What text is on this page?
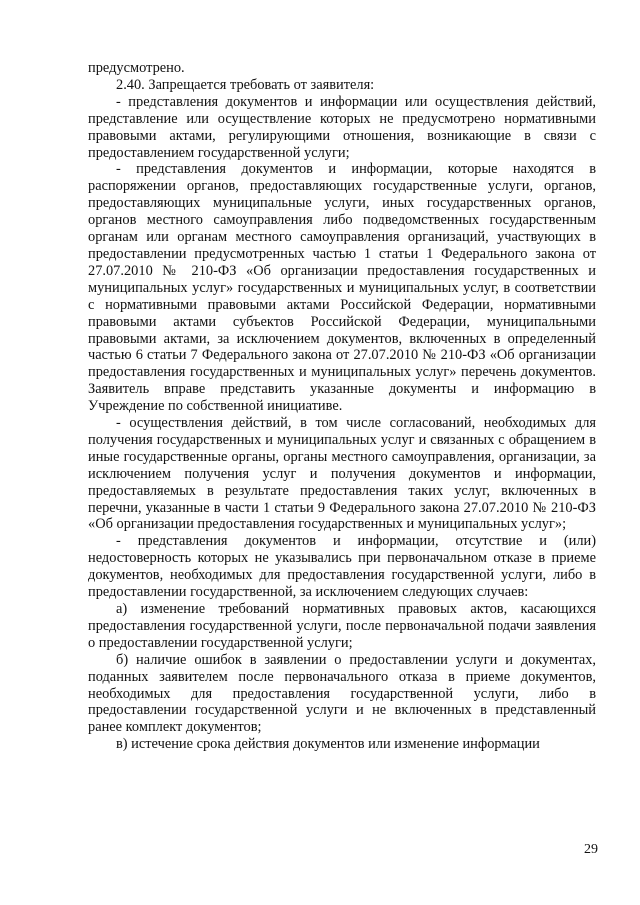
предусмотрено.

2.40. Запрещается требовать от заявителя:

- представления документов и информации или осуществления действий, представление или осуществление которых не предусмотрено нормативными правовыми актами, регулирующими отношения, возникающие в связи с предоставлением государственной услуги;

- представления документов и информации, которые находятся в распоряжении органов, предоставляющих государственные услуги, органов, предоставляющих муниципальные услуги, иных государственных органов, органов местного самоуправления либо подведомственных государственным органам или органам местного самоуправления организаций, участвующих в предоставлении предусмотренных частью 1 статьи 1 Федерального закона от 27.07.2010 № 210-ФЗ «Об организации предоставления государственных и муниципальных услуг» государственных и муниципальных услуг, в соответствии с нормативными правовыми актами Российской Федерации, нормативными правовыми актами субъектов Российской Федерации, муниципальными правовыми актами, за исключением документов, включенных в определенный частью 6 статьи 7 Федерального закона от 27.07.2010 № 210-ФЗ «Об организации предоставления государственных и муниципальных услуг» перечень документов. Заявитель вправе представить указанные документы и информацию в Учреждение по собственной инициативе.

- осуществления действий, в том числе согласований, необходимых для получения государственных и муниципальных услуг и связанных с обращением в иные государственные органы, органы местного самоуправления, организации, за исключением получения услуг и получения документов и информации, предоставляемых в результате предоставления таких услуг, включенных в перечни, указанные в части 1 статьи 9 Федерального закона 27.07.2010 № 210-ФЗ «Об организации предоставления государственных и муниципальных услуг»;

- представления документов и информации, отсутствие и (или) недостоверность которых не указывались при первоначальном отказе в приеме документов, необходимых для предоставления государственной услуги, либо в предоставлении государственной, за исключением следующих случаев:

а) изменение требований нормативных правовых актов, касающихся предоставления государственной услуги, после первоначальной подачи заявления о предоставлении государственной услуги;

б) наличие ошибок в заявлении о предоставлении услуги и документах, поданных заявителем после первоначального отказа в приеме документов, необходимых для предоставления государственной услуги, либо в предоставлении государственной услуги и не включенных в представленный ранее комплект документов;

в) истечение срока действия документов или изменение информации

29
